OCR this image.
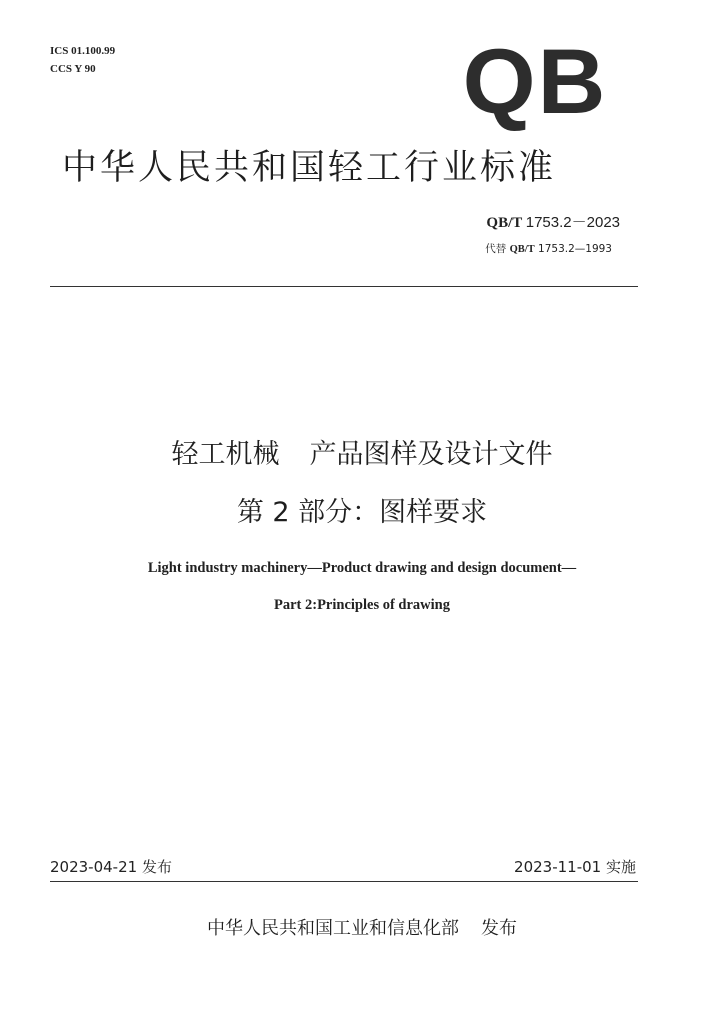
ICS 01.100.99
CCS Y 90	QB
中华人民共和国轻工行业标准
QB/T 1753.2－2023
代替 QB/T 1753.2—1993
轻工机械 产品图样及设计文件
第 2 部分：图样要求
Light industry machinery—Product drawing and design document—
Part 2:Principles of drawing
2023-04-21 发布	2023-11-01 实施
中华人民共和国工业和信息化部 发布
